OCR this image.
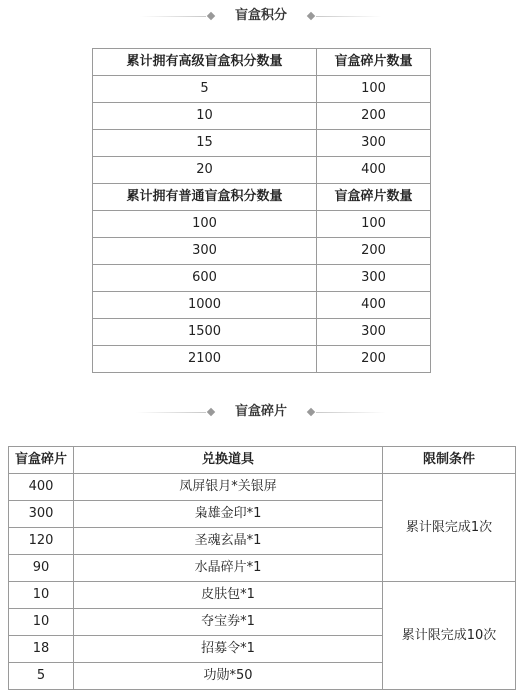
盲盒积分
累计拥有高级盲盒积分数量	盲盒碎片数量
5	100
10	200
15	300
20	400
累计拥有普通盲盒积分数量	盲盒碎片数量
100	100
300	200
600	300
1000	400
1500	300
2100	200
盲盒碎片
盲盒碎片	兑换道具	限制条件
400	凤屏银月*关银屏	累计限完成1次
300	枭雄金印*1	
120	圣魂玄晶*1	
90	水晶碎片*1	
10	皮肤包*1	累计限完成10次
10	夺宝券*1	
18	招募令*1	
5	功勋*50	
